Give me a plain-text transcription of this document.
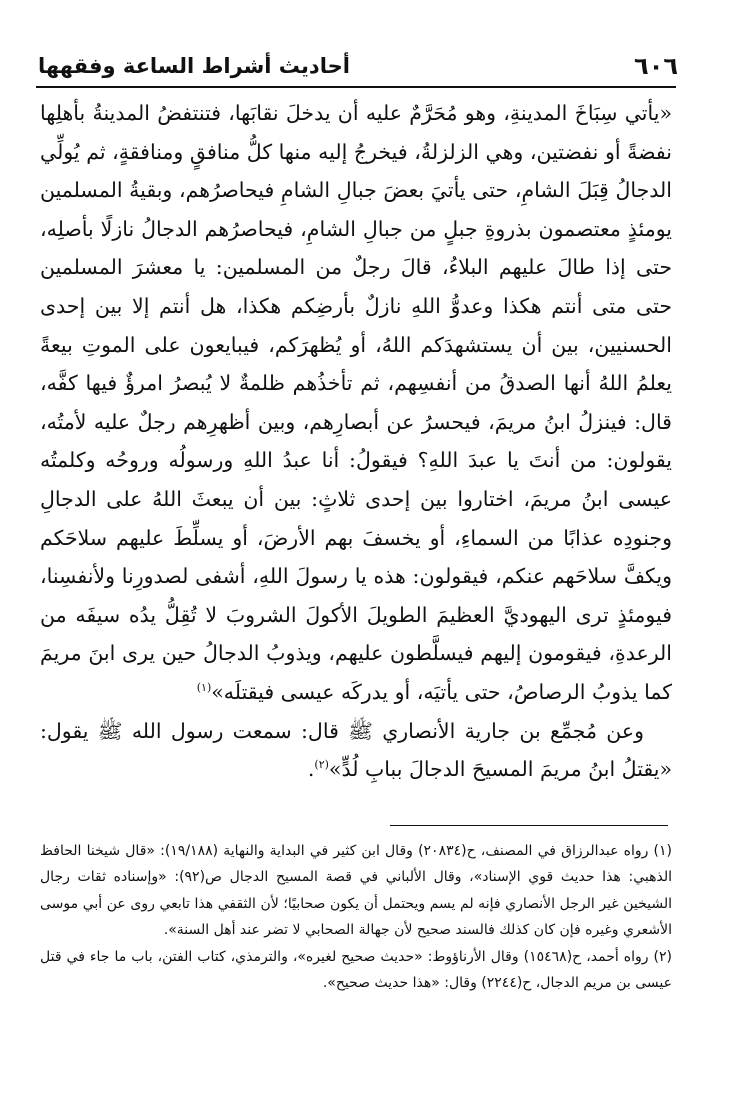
٦٠٦
أحاديث أشراط الساعة وفقهها

«يأتي سِبَاخَ المدينةِ، وهو مُحَرَّمٌ عليه أن يدخلَ نقابَها، فتنتفضُ المدينةُ بأهلِها نفضةً أو نفضتين، وهي الزلزلةُ، فيخرجُ إليه منها كلُّ منافقٍ ومنافقةٍ، ثم يُولِّي الدجالُ قِبَلَ الشامِ، حتى يأتيَ بعضَ جبالِ الشامِ فيحاصرُهم، وبقيةُ المسلمين يومئذٍ معتصمون بذروةِ جبلٍ من جبالِ الشامِ، فيحاصرُهم الدجالُ نازلًا بأصلِه، حتى إذا طالَ عليهم البلاءُ، قالَ رجلٌ من المسلمين: يا معشرَ المسلمين حتى متى أنتم هكذا وعدوُّ اللهِ نازلٌ بأرضِكم هكذا، هل أنتم إلا بين إحدى الحسنيين، بين أن يستشهدَكم اللهُ، أو يُظهرَكم، فيبايعون على الموتِ بيعةً يعلمُ اللهُ أنها الصدقُ من أنفسِهم، ثم تأخذُهم ظلمةٌ لا يُبصرُ امرؤٌ فيها كفَّه، قال: فينزلُ ابنُ مريمَ، فيحسرُ عن أبصارِهم، وبين أظهرِهم رجلٌ عليه لأمتُه، يقولون: من أنتَ يا عبدَ اللهِ؟ فيقولُ: أنا عبدُ اللهِ ورسولُه وروحُه وكلمتُه عيسى ابنُ مريمَ، اختاروا بين إحدى ثلاثٍ: بين أن يبعثَ اللهُ على الدجالِ وجنودِه عذابًا من السماءِ، أو يخسفَ بهم الأرضَ، أو يسلِّطَ عليهم سلاحَكم ويكفَّ سلاحَهم عنكم، فيقولون: هذه يا رسولَ اللهِ، أشفى لصدورِنا ولأنفسِنا، فيومئذٍ ترى اليهوديَّ العظيمَ الطويلَ الأكولَ الشروبَ لا تُقِلُّ يدُه سيفَه من الرعدةِ، فيقومون إليهم فيسلَّطون عليهم، ويذوبُ الدجالُ حين يرى ابنَ مريمَ كما يذوبُ الرصاصُ، حتى يأتيَه، أو يدركَه عيسى فيقتلَه»$^{(١)}$

وعن مُجمِّع بن جارية الأنصاري ﷺ قال: سمعت رسول الله ﷺ يقول: «يقتلُ ابنُ مريمَ المسيحَ الدجالَ ببابِ لُدٍّ»$^{(٢)}$.

(١) رواه عبدالرزاق في المصنف، ح(٢٠٨٣٤) وقال ابن كثير في البداية والنهاية (١٩/١٨٨): «قال شيخنا الحافظ الذهبي: هذا حديث قوي الإسناد»، وقال الألباني في قصة المسيح الدجال ص(٩٢): «وإسناده ثقات رجال الشيخين غير الرجل الأنصاري فإنه لم يسم ويحتمل أن يكون صحابيًا؛ لأن الثقفي هذا تابعي روى عن أبي موسى الأشعري وغيره فإن كان كذلك فالسند صحيح لأن جهالة الصحابي لا تضر عند أهل السنة».

(٢) رواه أحمد، ح(١٥٤٦٨) وقال الأرناؤوط: «حديث صحيح لغيره»، والترمذي، كتاب الفتن، باب ما جاء في قتل عيسى بن مريم الدجال، ح(٢٢٤٤) وقال: «هذا حديث صحيح».
